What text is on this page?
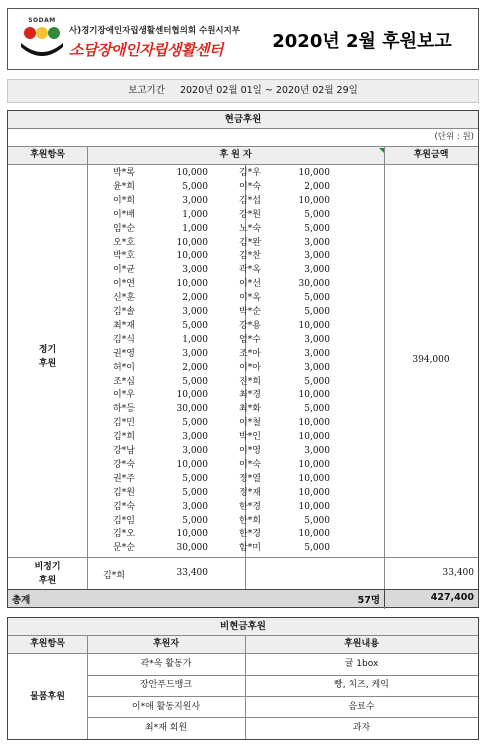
SODAM
사)경기장애인자립생활센터협의회 수원시지부
소담장애인자립생활센터	2020년 2월 후원보고
보고기간 2020년 02월 01일 ~ 2020년 02월 29일
현금후원
(단위 : 원)
후원항목	후 원 자	후원금액
정기
후원
박*록	10,000	김*우	10,000
윤*희	5,000	이*숙	2,000
이*희	3,000	김*섭	10,000
이*배	1,000	강*원	5,000
임*순	1,000	노*숙	5,000
오*호	10,000	김*완	3,000
박*호	10,000	김*찬	3,000
이*균	3,000	곽*옥	3,000
이*연	10,000	이*선	30,000
신*훈	2,000	이*옥	5,000
김*솔	3,000	박*순	5,000
최*재	5,000	강*용	10,000
김*식	1,000	엄*수	3,000
권*영	3,000	조*아	3,000
허*이	2,000	이*아	3,000
조*심	5,000	진*희	5,000
이*우	10,000	최*경	10,000
하*등	30,000	최*화	5,000
김*민	5,000	이*철	10,000
김*희	3,000	박*인	10,000
강*남	3,000	이*영	3,000
강*숙	10,000	이*숙	10,000
권*주	5,000	정*열	10,000
김*원	5,000	정*재	10,000
김*숙	3,000	한*경	10,000
김*임	5,000	한*희	5,000
김*오	10,000	한*경	10,000
문*순	30,000	함*미	5,000
394,000
비정기
후원	김*희	33,400	33,400
총계	57명	427,400
비현금후원
후원항목	후원자	후원내용
물품후원
곽*욱 활동가	귤 1box
장안푸드뱅크	빵, 치즈, 케익
이*애 활동지원사	음료수
최*재 회원	과자
